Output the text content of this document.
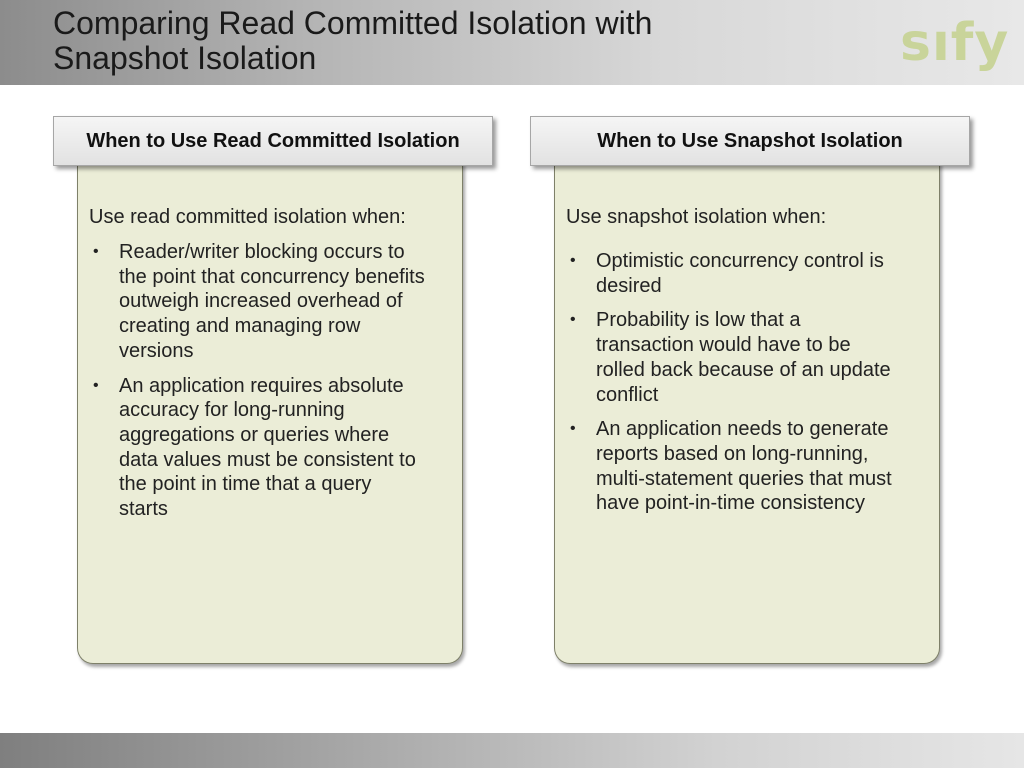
Comparing Read Committed Isolation with
Snapshot Isolation	sıfy
When to Use Read Committed Isolation

Use read committed isolation when:

• Reader/writer blocking occurs to the point that concurrency benefits outweigh increased overhead of creating and managing row versions
• An application requires absolute accuracy for long-running aggregations or queries where data values must be consistent to the point in time that a query starts
When to Use Snapshot Isolation

Use snapshot isolation when:

• Optimistic concurrency control is desired
• Probability is low that a transaction would have to be rolled back because of an update conflict
• An application needs to generate reports based on long-running, multi-statement queries that must have point-in-time consistency
